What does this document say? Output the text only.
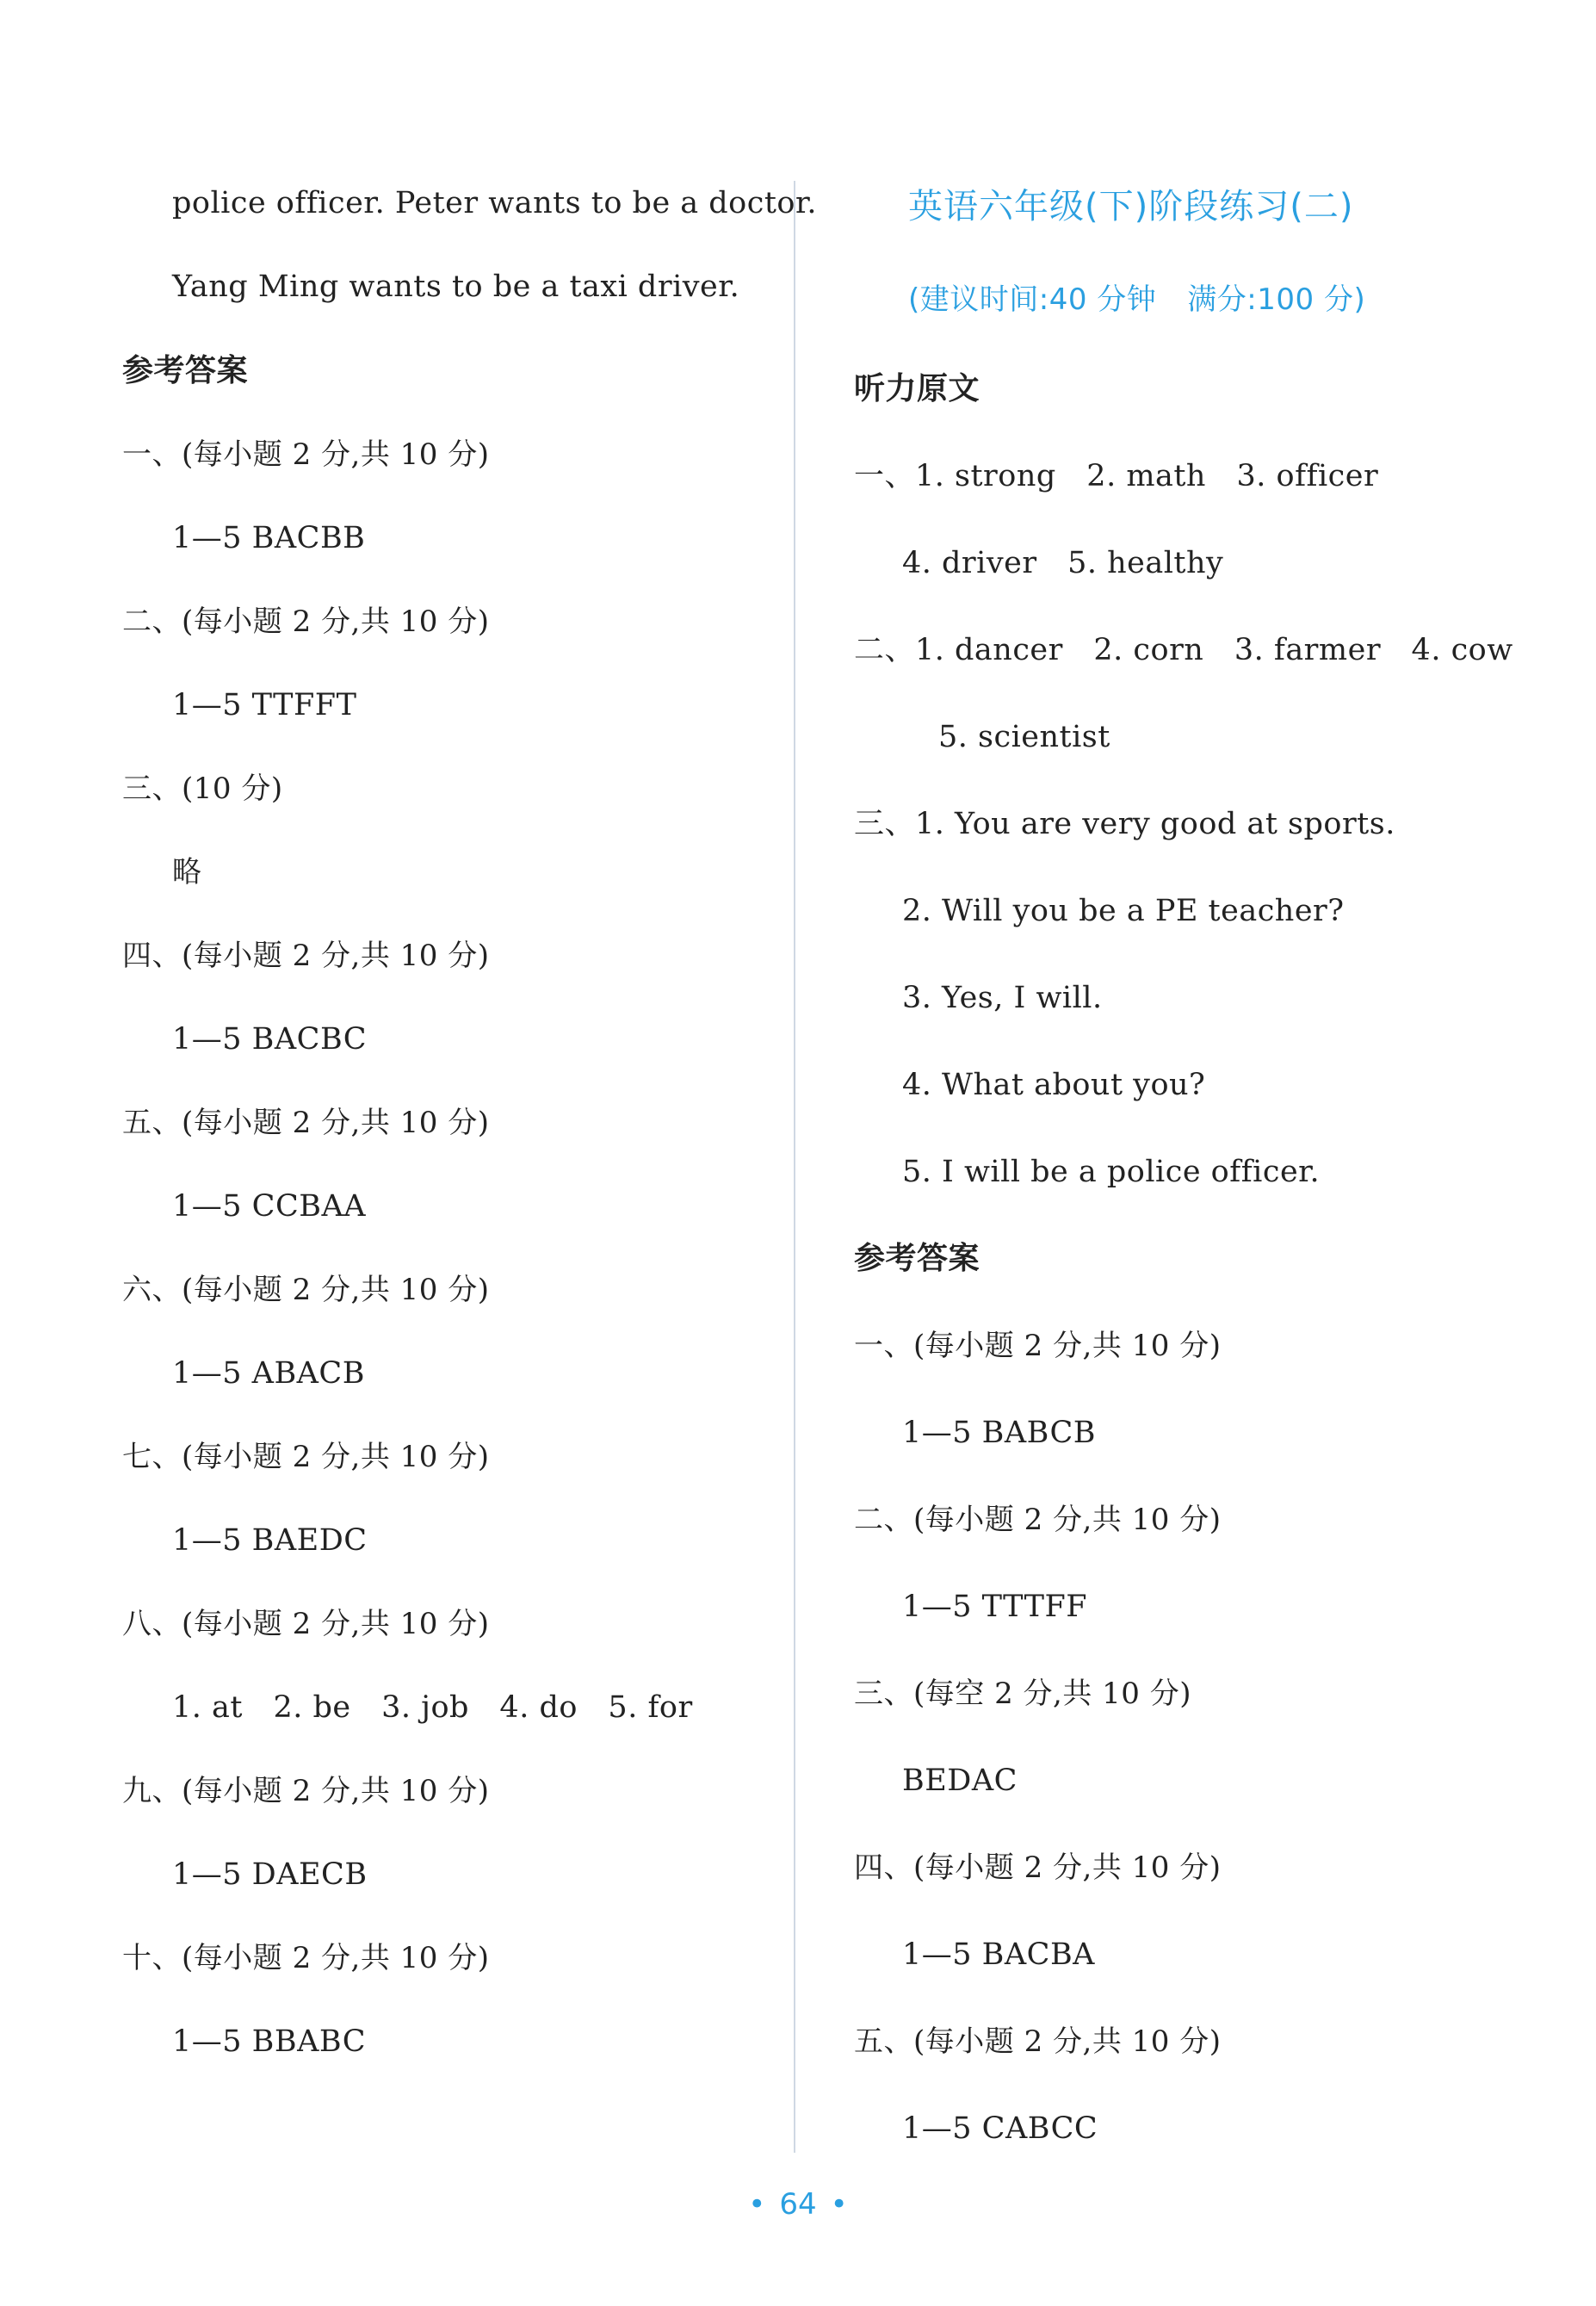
police officer. Peter wants to be a doctor.
Yang Ming wants to be a taxi driver.
参考答案
一、(每小题 2 分,共 10 分)
1—5 BACBB
二、(每小题 2 分,共 10 分)
1—5 TTFFT
三、(10 分)
略
四、(每小题 2 分,共 10 分)
1—5 BACBC
五、(每小题 2 分,共 10 分)
1—5 CCBAA
六、(每小题 2 分,共 10 分)
1—5 ABACB
七、(每小题 2 分,共 10 分)
1—5 BAEDC
八、(每小题 2 分,共 10 分)
1. at　2. be　3. job　4. do　5. for
九、(每小题 2 分,共 10 分)
1—5 DAECB
十、(每小题 2 分,共 10 分)
1—5 BBABC
英语六年级(下)阶段练习(二)
(建议时间:40 分钟 满分:100 分)
听力原文
一、1. strong　2. math　3. officer
4. driver　5. healthy
二、1. dancer　2. corn　3. farmer　4. cow
5. scientist
三、1. You are very good at sports.
2. Will you be a PE teacher?
3. Yes, I will.
4. What about you?
5. I will be a police officer.
参考答案
一、(每小题 2 分,共 10 分)
1—5 BABCB
二、(每小题 2 分,共 10 分)
1—5 TTTFF
三、(每空 2 分,共 10 分)
BEDAC
四、(每小题 2 分,共 10 分)
1—5 BACBA
五、(每小题 2 分,共 10 分)
1—5 CABCC
• 64 •
